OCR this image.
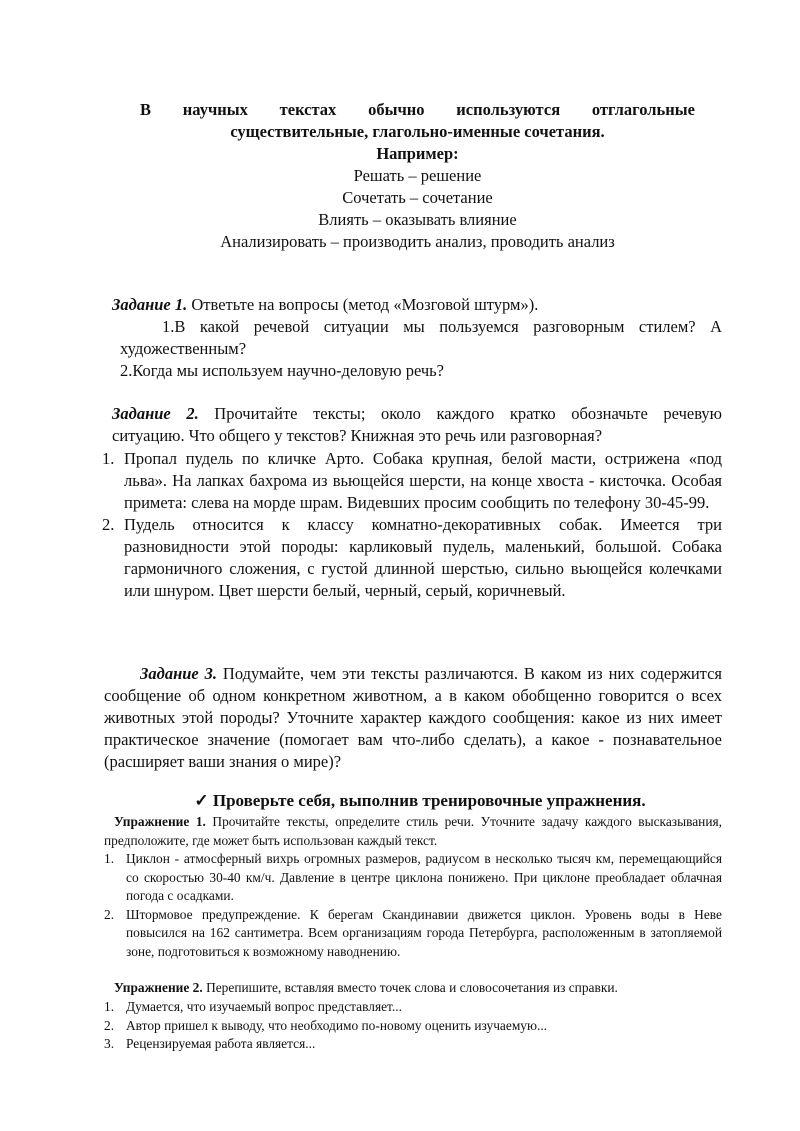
В научных текстах обычно используются отглагольные
существительные, глагольно-именные сочетания.
Например:
Решать – решение
Сочетать – сочетание
Влиять – оказывать влияние
Анализировать – производить анализ, проводить анализ
Задание 1. Ответьте на вопросы (метод «Мозговой штурм»).
1.В какой речевой ситуации мы пользуемся разговорным стилем? А
художественным?
2.Когда мы используем научно-деловую речь?
Задание 2. Прочитайте тексты; около каждого кратко обозначьте речевую
ситуацию. Что общего у текстов? Книжная это речь или разговорная?
1. Пропал пудель по кличке Арто. Собака крупная, белой масти, острижена «под льва». На лапках бахрома из вьющейся шерсти, на конце хвоста - кисточка. Особая примета: слева на морде шрам. Видевших просим сообщить по телефону 30-45-99.
2. Пудель относится к классу комнатно-декоративных собак. Имеется три разновидности этой породы: карликовый пудель, маленький, большой. Собака гармоничного сложения, с густой длинной шерстью, сильно вьющейся колечками или шнуром. Цвет шерсти белый, черный, серый, коричневый.
Задание 3. Подумайте, чем эти тексты различаются. В каком из них содержится сообщение об одном конкретном животном, а в каком обобщенно говорится о всех животных этой породы? Уточните характер каждого сообщения: какое из них имеет практическое значение (помогает вам что-либо сделать), а какое - познавательное (расширяет ваши знания о мире)?
✓ Проверьте себя, выполнив тренировочные упражнения.
Упражнение 1. Прочитайте тексты, определите стиль речи. Уточните задачу каждого высказывания, предположите, где может быть использован каждый текст.
1. Циклон - атмосферный вихрь огромных размеров, радиусом в несколько тысяч км, перемещающийся со скоростью 30-40 км/ч. Давление в центре циклона понижено. При циклоне преобладает облачная погода с осадками.
2. Штормовое предупреждение. К берегам Скандинавии движется циклон. Уровень воды в Неве повысился на 162 сантиметра. Всем организациям города Петербурга, расположенным в затопляемой зоне, подготовиться к возможному наводнению.
Упражнение 2. Перепишите, вставляя вместо точек слова и словосочетания из справки.
1. Думается, что изучаемый вопрос представляет...
2. Автор пришел к выводу, что необходимо по-новому оценить изучаемую...
3. Рецензируемая работа является...
